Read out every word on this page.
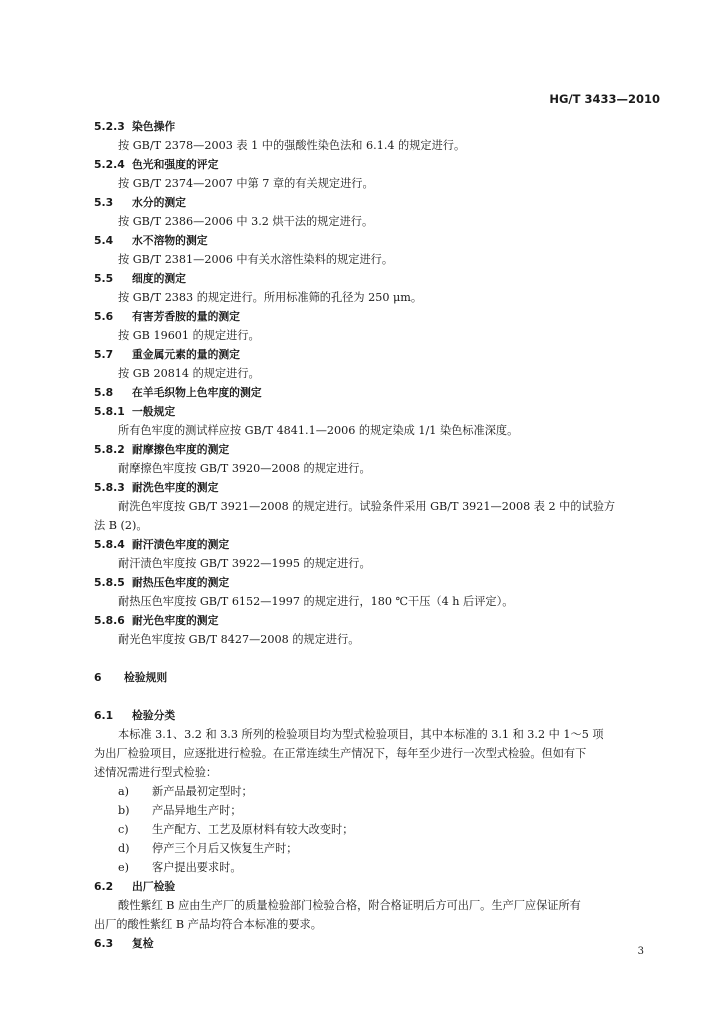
HG/T 3433—2010
5.2.3 染色操作
按 GB/T 2378—2003 表 1 中的强酸性染色法和 6.1.4 的规定进行。
5.2.4 色光和强度的评定
按 GB/T 2374—2007 中第 7 章的有关规定进行。
5.3 水分的测定
按 GB/T 2386—2006 中 3.2 烘干法的规定进行。
5.4 水不溶物的测定
按 GB/T 2381—2006 中有关水溶性染料的规定进行。
5.5 细度的测定
按 GB/T 2383 的规定进行。所用标准筛的孔径为 250 μm。
5.6 有害芳香胺的量的测定
按 GB 19601 的规定进行。
5.7 重金属元素的量的测定
按 GB 20814 的规定进行。
5.8 在羊毛织物上色牢度的测定
5.8.1 一般规定
所有色牢度的测试样应按 GB/T 4841.1—2006 的规定染成 1/1 染色标准深度。
5.8.2 耐摩擦色牢度的测定
耐摩擦色牢度按 GB/T 3920—2008 的规定进行。
5.8.3 耐洗色牢度的测定
耐洗色牢度按 GB/T 3921—2008 的规定进行。试验条件采用 GB/T 3921—2008 表 2 中的试验方
法 B (2)。
5.8.4 耐汗渍色牢度的测定
耐汗渍色牢度按 GB/T 3922—1995 的规定进行。
5.8.5 耐热压色牢度的测定
耐热压色牢度按 GB/T 6152—1997 的规定进行，180 ℃干压（4 h 后评定）。
5.8.6 耐光色牢度的测定
耐光色牢度按 GB/T 8427—2008 的规定进行。
6 检验规则
6.1 检验分类
本标准 3.1、3.2 和 3.3 所列的检验项目均为型式检验项目，其中本标准的 3.1 和 3.2 中 1～5 项
为出厂检验项目，应逐批进行检验。在正常连续生产情况下，每年至少进行一次型式检验。但如有下
述情况需进行型式检验：
a) 新产品最初定型时；
b) 产品异地生产时；
c) 生产配方、工艺及原材料有较大改变时；
d) 停产三个月后又恢复生产时；
e) 客户提出要求时。
6.2 出厂检验
酸性紫红 B 应由生产厂的质量检验部门检验合格，附合格证明后方可出厂。生产厂应保证所有
出厂的酸性紫红 B 产品均符合本标准的要求。
6.3 复检
3
